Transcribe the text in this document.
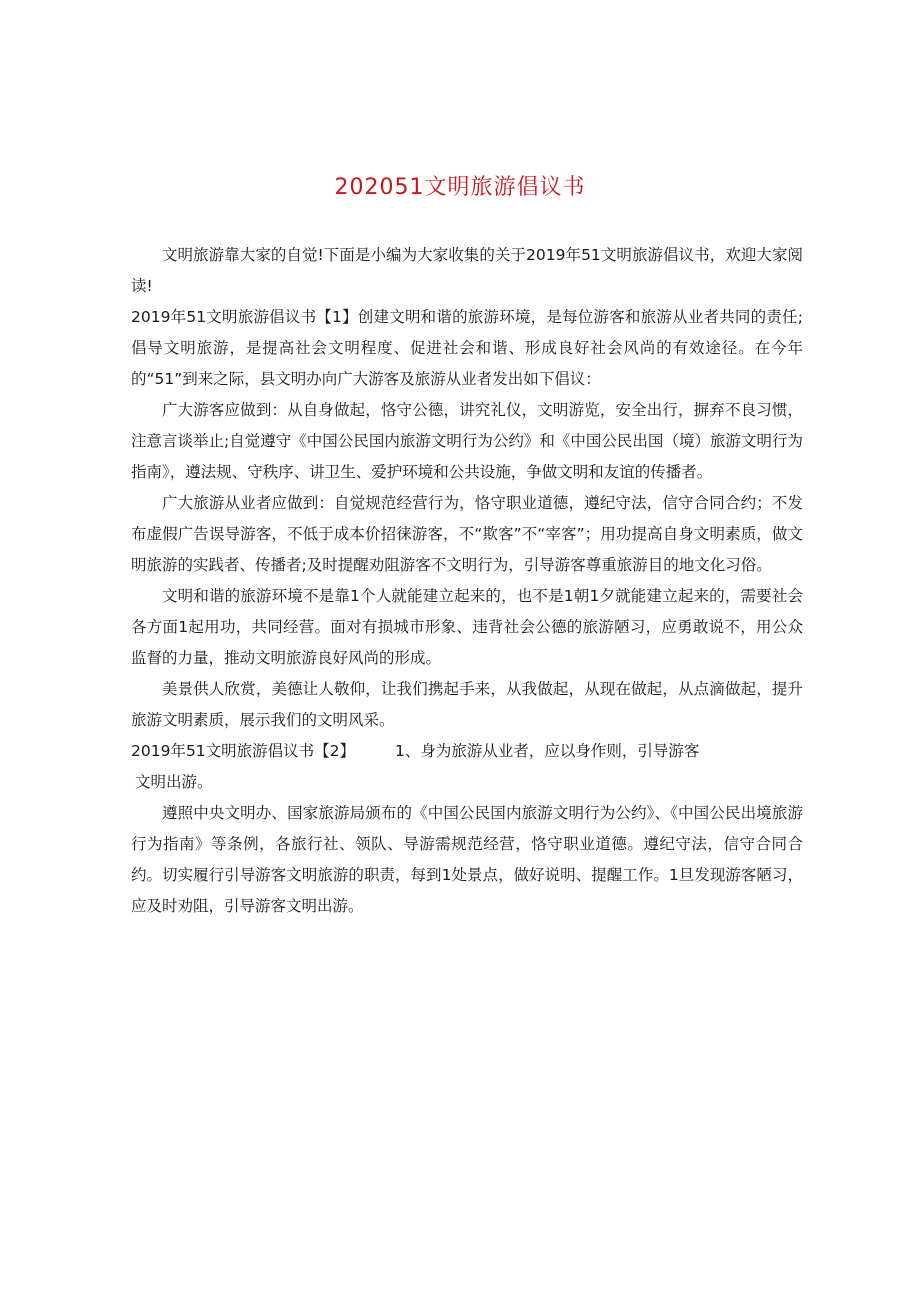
202051文明旅游倡议书

文明旅游靠大家的自觉!下面是小编为大家收集的关于2019年51文明旅游倡议书，欢迎大家阅读!

2019年51文明旅游倡议书【1】创建文明和谐的旅游环境，是每位游客和旅游从业者共同的责任;倡导文明旅游，是提高社会文明程度、促进社会和谐、形成良好社会风尚的有效途径。在今年的“51”到来之际，县文明办向广大游客及旅游从业者发出如下倡议：

广大游客应做到：从自身做起，恪守公德，讲究礼仪，文明游览，安全出行，摒弃不良习惯，注意言谈举止;自觉遵守《中国公民国内旅游文明行为公约》和《中国公民出国（境）旅游文明行为指南》，遵法规、守秩序、讲卫生、爱护环境和公共设施，争做文明和友谊的传播者。

广大旅游从业者应做到：自觉规范经营行为，恪守职业道德，遵纪守法，信守合同合约；不发布虚假广告误导游客，不低于成本价招徕游客，不“欺客”不“宰客”；用功提高自身文明素质，做文明旅游的实践者、传播者;及时提醒劝阻游客不文明行为，引导游客尊重旅游目的地文化习俗。

文明和谐的旅游环境不是靠1个人就能建立起来的，也不是1朝1夕就能建立起来的，需要社会各方面1起用功，共同经营。面对有损城市形象、违背社会公德的旅游陋习，应勇敢说不，用公众监督的力量，推动文明旅游良好风尚的形成。

美景供人欣赏，美德让人敬仰，让我们携起手来，从我做起，从现在做起，从点滴做起，提升旅游文明素质，展示我们的文明风采。

2019年51文明旅游倡议书【2】	1、身为旅游从业者，应以身作则，引导游客

文明出游。

遵照中央文明办、国家旅游局颁布的《中国公民国内旅游文明行为公约》、《中国公民出境旅游行为指南》等条例，各旅行社、领队、导游需规范经营，恪守职业道德。遵纪守法，信守合同合约。切实履行引导游客文明旅游的职责，每到1处景点，做好说明、提醒工作。1旦发现游客陋习，应及时劝阻，引导游客文明出游。
